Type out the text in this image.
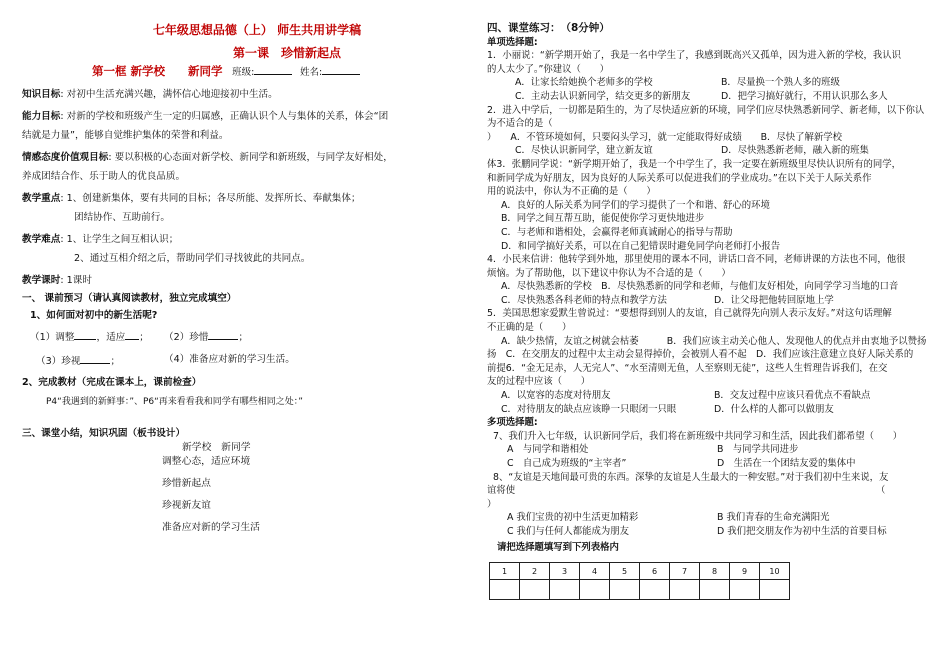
七年级思想品德（上） 师生共用讲学稿
第一课　珍惜新起点
第一框 新学校　　新同学 班级:	姓名:

知识目标: 对初中生活充满兴趣，满怀信心地迎接初中生活。

能力目标: 对新的学校和班级产生一定的归属感，正确认识个人与集体的关系，体会“团

结就是力量”，能够自觉维护集体的荣誉和利益。

情感态度价值观目标: 要以积极的心态面对新学校、新同学和新班级，与同学友好相处，

养成团结合作、乐于助人的优良品质。

教学重点: 1、创建新集体，要有共同的目标；各尽所能、发挥所长、奉献集体；

团结协作、互助前行。

教学难点: 1、让学生之间互相认识；

2、通过互相介绍之后，帮助同学们寻找彼此的共同点。

教学课时: 1课时

一、 课前预习（请认真阅读教材，独立完成填空）

1、如何面对初中的新生活呢?

（1）调整 ，适应 ；	（2）珍惜	；
（3）珍视	；	（4）准备应对新的学习生活。

2、完成教材（完成在课本上，课前检查）

P4“我遇到的新鲜事：”、P6“再来看看我和同学有哪些相同之处：”

三、课堂小结，知识巩固（板书设计）

新学校　新同学
调整心态，适应环境
珍惜新起点
珍视新友谊
准备应对新的学习生活

四、课堂练习：　（8分钟）

单项选择题:

1．小丽说：“新学期开始了，我是一名中学生了，我感到既高兴又孤单，因为进入新的学校，我认识

的人太少了。”你建议（　　）

A．让家长给她换个老师多的学校	B．尽量换一个熟人多的班级
C．主动去认识新同学，结交更多的新朋友	D．把学习搞好就行，不用认识那么多人

2．进入中学后，一切都是陌生的，为了尽快适应新的环境，同学们应尽快熟悉新同学、新老师，以下你认为不适合的是（

）　　A．不管环境如何，只要闷头学习，就一定能取得好成绩　　B．尽快了解新学校

C．尽快认识新同学，建立新友谊	D．尽快熟悉新老师，融入新的班集

体3．张鹏同学说：“新学期开始了，我是一个中学生了，我一定要在新班级里尽快认识所有的同学，

和新同学成为好朋友，因为良好的人际关系可以促进我们的学业成功。”在以下关于人际关系作

用的说法中，你认为不正确的是（　　）

A．良好的人际关系为同学们的学习提供了一个和谐、舒心的环境

B．同学之间互帮互助，能促使你学习更快地进步

C．与老师和谐相处，会赢得老师真诚耐心的指导与帮助

D．和同学搞好关系，可以在自己犯错误时避免同学向老师打小报告

4．小民来信讲：他转学到外地，那里使用的课本不同，讲话口音不同，老师讲课的方法也不同，他很

烦恼。为了帮助他，以下建议中你认为不合适的是（　　）

A．尽快熟悉新的学校　B．尽快熟悉新的同学和老师，与他们友好相处，向同学学习当地的口音

C．尽快熟悉各科老师的特点和教学方法	D．让父母把他转回原地上学

5．美国思想家爱默生曾说过：“要想得到别人的友谊，自己就得先向别人表示友好。”对这句话理解

不正确的是（　　）

A．缺少热情，友谊之树就会枯萎　　　B．我们应该主动关心他人、发现他人的优点并由衷地予以赞扬

扬　C．在交朋友的过程中太主动会显得掉价，会被别人看不起　D．我们应该注意建立良好人际关系的

前提6．“金无足赤，人无完人”、“水至清则无鱼，人至察则无徒”，这些人生哲理告诉我们，在交

友的过程中应该（　　）

A．以宽容的态度对待朋友	B．交友过程中应该只看优点不看缺点
C．对待朋友的缺点应该睁一只眼闭一只眼	D．什么样的人都可以做朋友

多项选择题:

7、我们升入七年级，认识新同学后，我们将在新班级中共同学习和生活，因此我们都希望（　　）

A　与同学和谐相处	B　与同学共同进步
C　自己成为班级的“主宰者”	D　生活在一个团结友爱的集体中

8、“友谊是天地间最可贵的东西。深挚的友谊是人生最大的一种安慰。”对于我们初中生来说，友

谊将使　　　　　　　　　　　　　　　　　　　　　　　　　　　　　　　　　　　　　　　（

）

A 我们宝贵的初中生活更加精彩	B 我们青春的生命充满阳光
C 我们与任何人都能成为朋友	D 我们把交朋友作为初中生活的首要目标

请把选择题填写到下列表格内

1	2	3	4	5	6	7	8	9	10
